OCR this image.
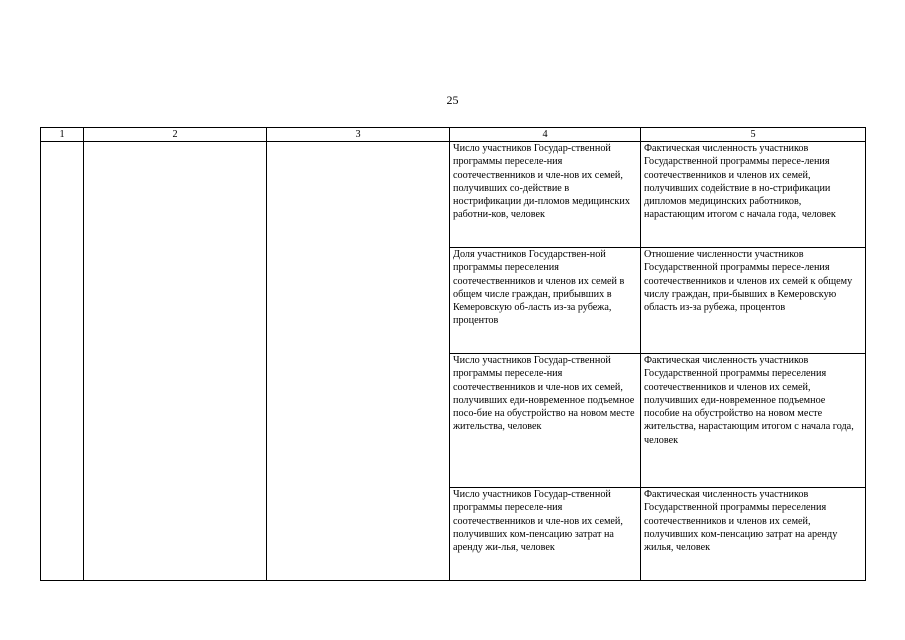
25
1	2	3	4	5
			Число участников Государ-ственной программы переселе-ния соотечественников и чле-нов их семей, получивших со-действие в нострификации ди-пломов медицинских работни-ков, человек	Фактическая численность участников Государственной программы пересе-ления соотечественников и членов их семей, получивших содействие в но-стрификации дипломов медицинских работников, нарастающим итогом с начала года, человек
			Доля участников Государствен-ной программы переселения соотечественников и членов их семей в общем числе граждан, прибывших в Кемеровскую об-ласть из-за рубежа, процентов	Отношение численности участников Государственной программы пересе-ления соотечественников и членов их семей к общему числу граждан, при-бывших в Кемеровскую область из-за рубежа, процентов
			Число участников Государ-ственной программы переселе-ния соотечественников и чле-нов их семей, получивших еди-новременное подъемное посо-бие на обустройство на новом месте жительства, человек	Фактическая численность участников Государственной программы переселения соотечественников и членов их семей, получивших еди-новременное подъемное пособие на обустройство на новом месте жительства, нарастающим итогом с начала года, человек
			Число участников Государ-ственной программы переселе-ния соотечественников и чле-нов их семей, получивших ком-пенсацию затрат на аренду жи-лья, человек	Фактическая численность участников Государственной программы переселения соотечественников и членов их семей, получивших ком-пенсацию затрат на аренду жилья, человек
